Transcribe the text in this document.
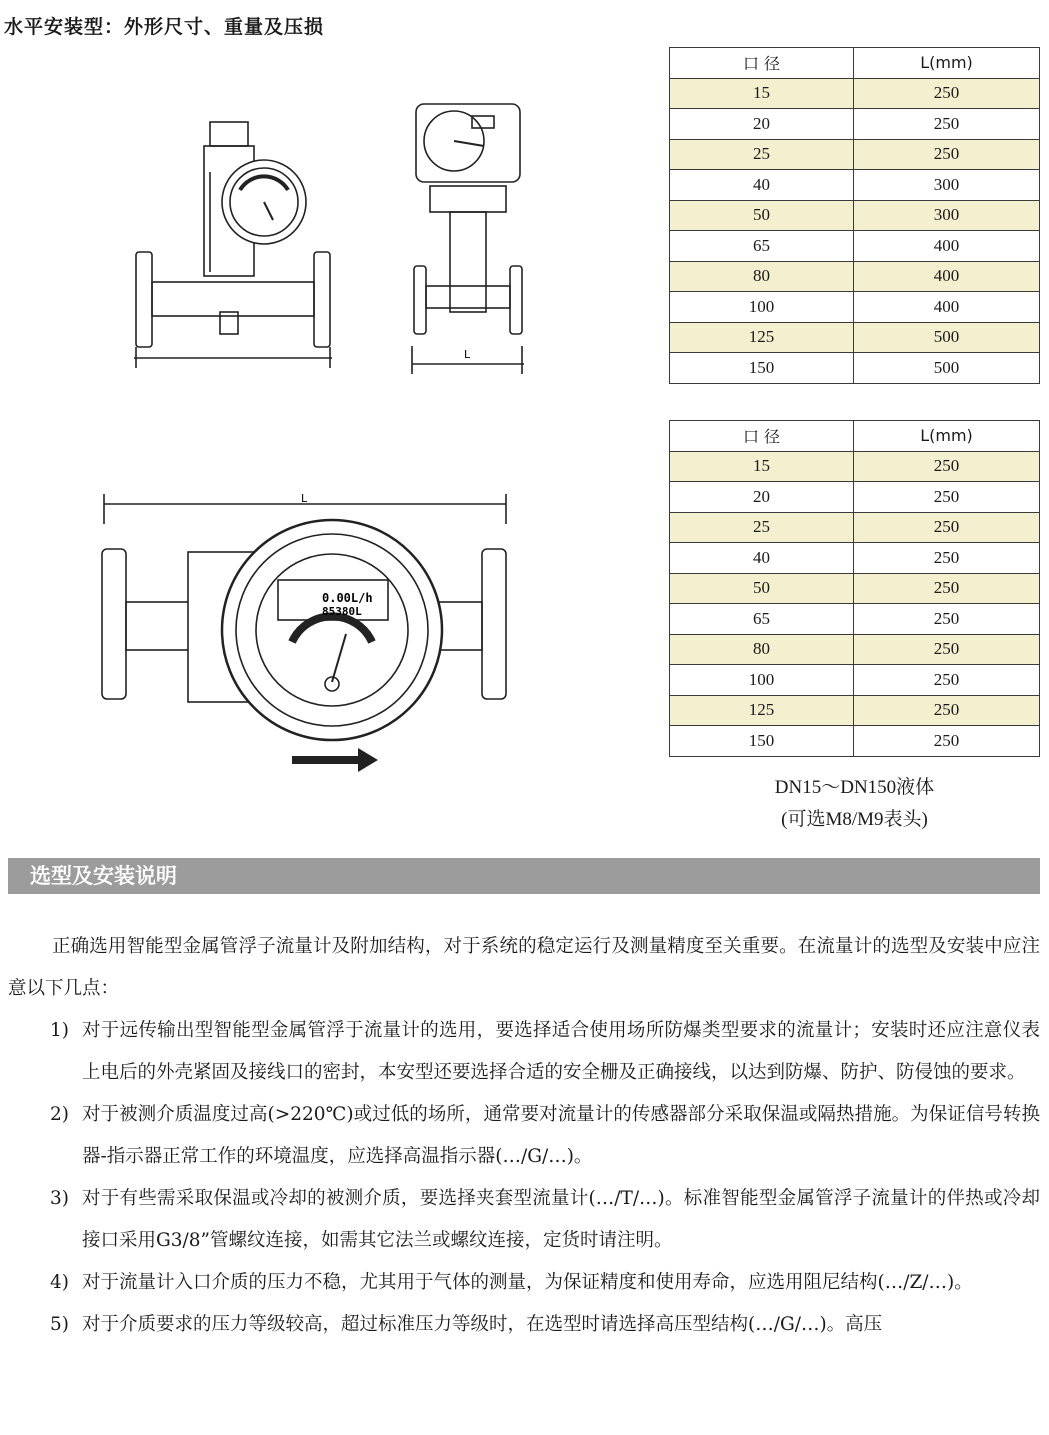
水平安装型：外形尺寸、重量及压损
L
L
0.00L/h
85380L
口 径	L(mm)
15	250
20	250
25	250
40	300
50	300
65	400
80	400
100	400
125	500
150	500
口 径	L(mm)
15	250
20	250
25	250
40	250
50	250
65	250
80	250
100	250
125	250
150	250
DN15～DN150液体
(可选M8/M9表头)
选型及安装说明

正确选用智能型金属管浮子流量计及附加结构，对于系统的稳定运行及测量精度至关重要。在流量计的选型及安装中应注意以下几点：

1) 对于远传输出型智能型金属管浮于流量计的选用，要选择适合使用场所防爆类型要求的流量计；安装时还应注意仪表上电后的外壳紧固及接线口的密封，本安型还要选择合适的安全栅及正确接线，以达到防爆、防护、防侵蚀的要求。
2) 对于被测介质温度过高(>220℃)或过低的场所，通常要对流量计的传感器部分采取保温或隔热措施。为保证信号转换器-指示器正常工作的环境温度，应选择高温指示器(…/G/…)。
3) 对于有些需采取保温或冷却的被测介质，要选择夹套型流量计(…/T/…)。标准智能型金属管浮子流量计的伴热或冷却接口采用G3/8”管螺纹连接，如需其它法兰或螺纹连接，定货时请注明。
4) 对于流量计入口介质的压力不稳，尤其用于气体的测量，为保证精度和使用寿命，应选用阻尼结构(…/Z/…)。
5) 对于介质要求的压力等级较高，超过标准压力等级时，在选型时请选择高压型结构(…/G/…)。高压
